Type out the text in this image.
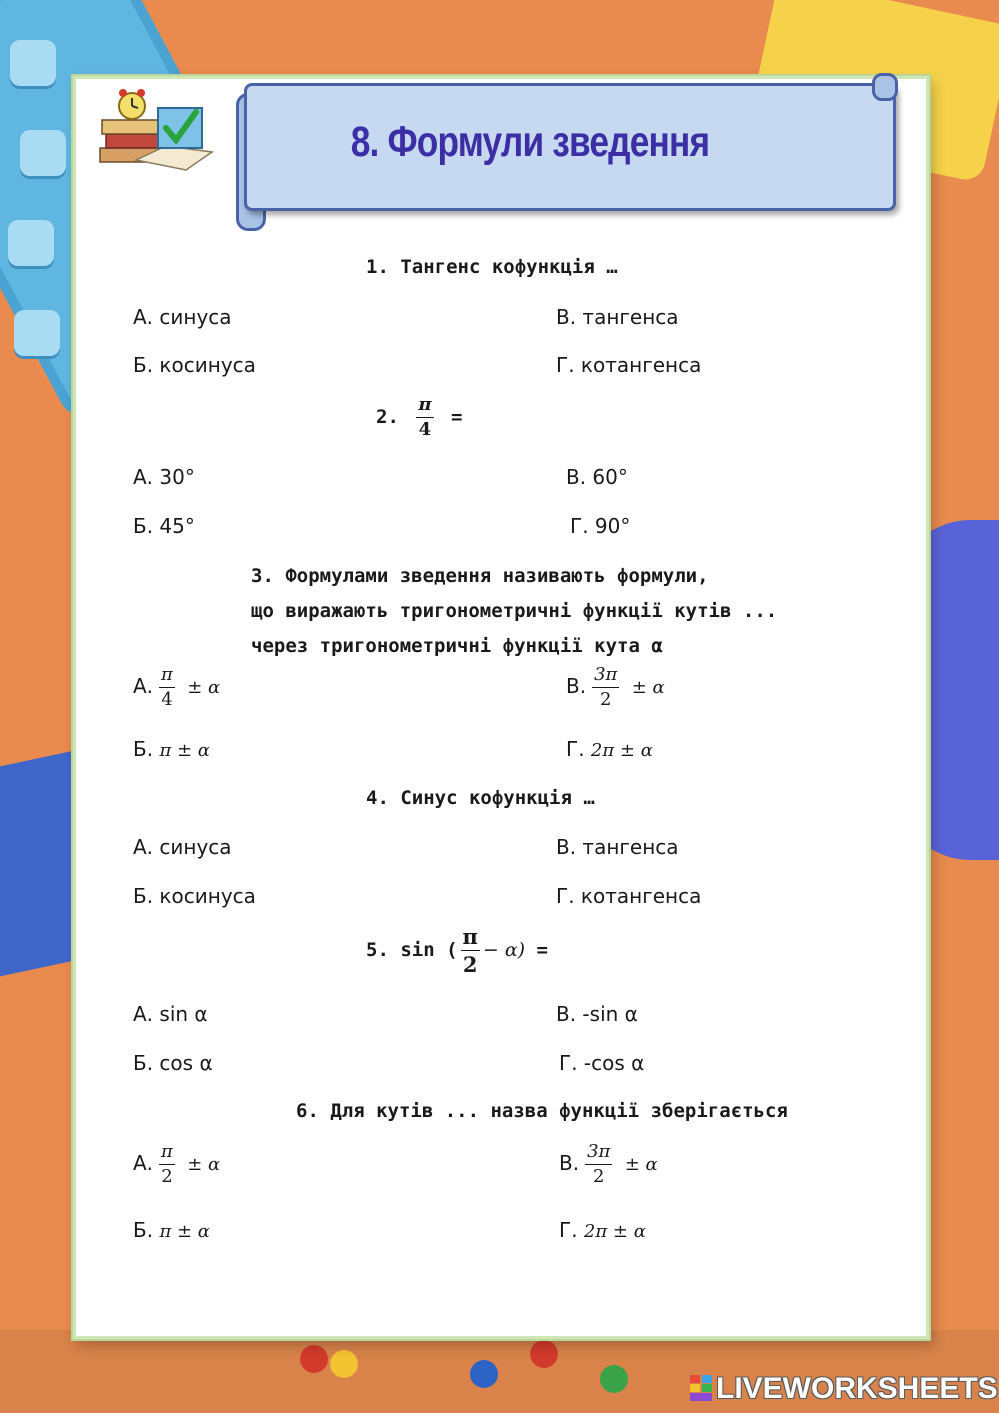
8. Формули зведення
1. Тангенс кофункція …
А. синуса	В. тангенса
Б. косинуса	Г. котангенса
2. $\frac{\pi}{4}$ =
А. 30°	В. 60°
Б. 45°	Г. 90°
3. Формулами зведення називають формули,
що виражають тригонометричні функції кутів ...
через тригонометричні функції кута α
А. $\frac{\pi}{4} \pm \alpha$	В. $\frac{3\pi}{2} \pm \alpha$
Б. π ± α	Г. 2π ± α
4. Синус кофункція …
А. синуса	В. тангенса
Б. косинуса	Г. котангенса
5. sin ( $\frac{\pi}{2} - \alpha$) =
А. sin α	В. -sin α
Б. cos α	Г. -cos α
6. Для кутів ... назва функції зберігається
А. $\frac{\pi}{2} \pm \alpha$	В. $\frac{3\pi}{2} \pm \alpha$
Б. π ± α	Г. 2π ± α
LIVEWORKSHEETS
